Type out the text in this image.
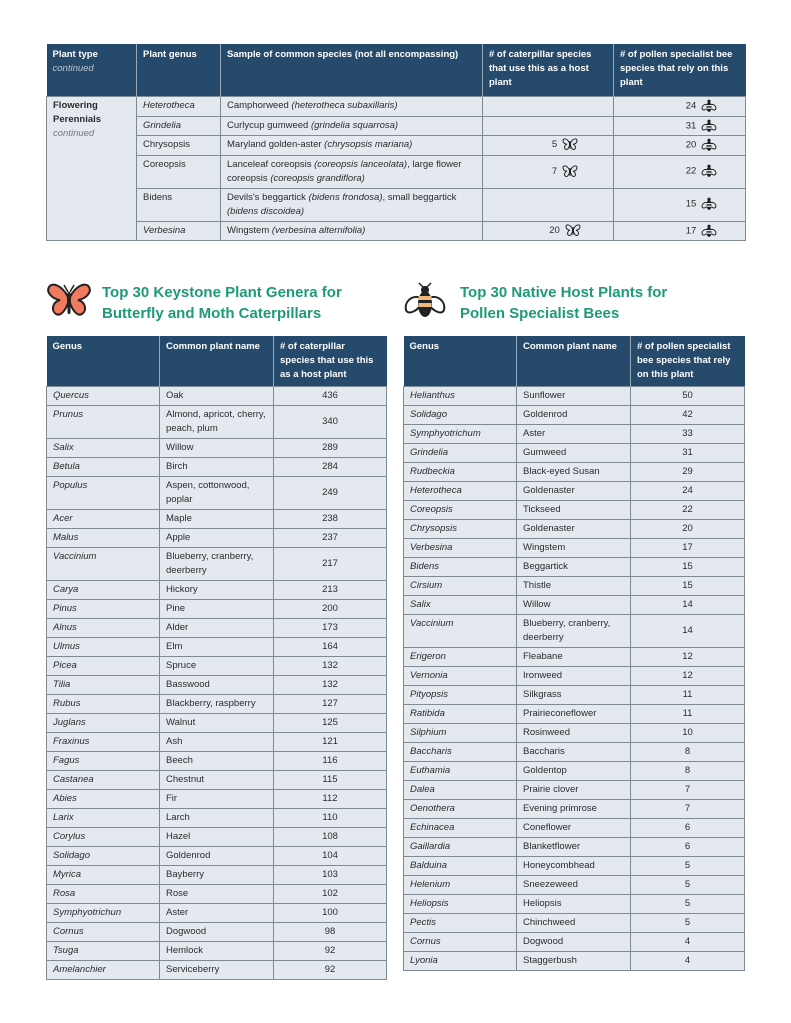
Plant type
continued	Plant genus	Sample of common species (not all encompassing)	# of caterpillar species that use this as a host plant	# of pollen specialist bee species that rely on this plant
Flowering Perennials
continued	Heterotheca	Camphorweed (heterotheca subaxillaris)		24
	Grindelia	Curlycup gumweed (grindelia squarrosa)		31
	Chrysopsis	Maryland golden-aster (chrysopsis mariana)	5	20
	Coreopsis	Lanceleaf coreopsis (coreopsis lanceolata), large flower coreopsis (coreopsis grandiflora)	7	22
	Bidens	Devils's beggartick (bidens frondosa), small beggartick (bidens discoidea)		15
	Verbesina	Wingstem (verbesina alternifolia)	20	17
Top 30 Keystone Plant Genera for
Butterfly and Moth Caterpillars
Genus	Common plant name	# of caterpillar species that use this as a host plant
Quercus	Oak	436
Prunus	Almond, apricot, cherry, peach, plum	340
Salix	Willow	289
Betula	Birch	284
Populus	Aspen, cottonwood, poplar	249
Acer	Maple	238
Malus	Apple	237
Vaccinium	Blueberry, cranberry, deerberry	217
Carya	Hickory	213
Pinus	Pine	200
Alnus	Alder	173
Ulmus	Elm	164
Picea	Spruce	132
Tilia	Basswood	132
Rubus	Blackberry, raspberry	127
Juglans	Walnut	125
Fraxinus	Ash	121
Fagus	Beech	116
Castanea	Chestnut	115
Abies	Fir	112
Larix	Larch	110
Corylus	Hazel	108
Solidago	Goldenrod	104
Myrica	Bayberry	103
Rosa	Rose	102
Symphyotrichun	Aster	100
Cornus	Dogwood	98
Tsuga	Hemlock	92
Amelanchier	Serviceberry	92
Top 30 Native Host Plants for
Pollen Specialist Bees
Genus	Common plant name	# of pollen specialist bee species that rely on this plant
Helianthus	Sunflower	50
Solidago	Goldenrod	42
Symphyotrichum	Aster	33
Grindelia	Gumweed	31
Rudbeckia	Black-eyed Susan	29
Heterotheca	Goldenaster	24
Coreopsis	Tickseed	22
Chrysopsis	Goldenaster	20
Verbesina	Wingstem	17
Bidens	Beggartick	15
Cirsium	Thistle	15
Salix	Willow	14
Vaccinium	Blueberry, cranberry, deerberry	14
Erigeron	Fleabane	12
Vernonia	Ironweed	12
Pityopsis	Silkgrass	11
Ratibida	Prairieconeflower	11
Silphium	Rosinweed	10
Baccharis	Baccharis	8
Euthamia	Goldentop	8
Dalea	Prairie clover	7
Oenothera	Evening primrose	7
Echinacea	Coneflower	6
Gaillardia	Blanketflower	6
Balduina	Honeycombhead	5
Helenium	Sneezeweed	5
Heliopsis	Heliopsis	5
Pectis	Chinchweed	5
Cornus	Dogwood	4
Lyonia	Staggerbush	4
